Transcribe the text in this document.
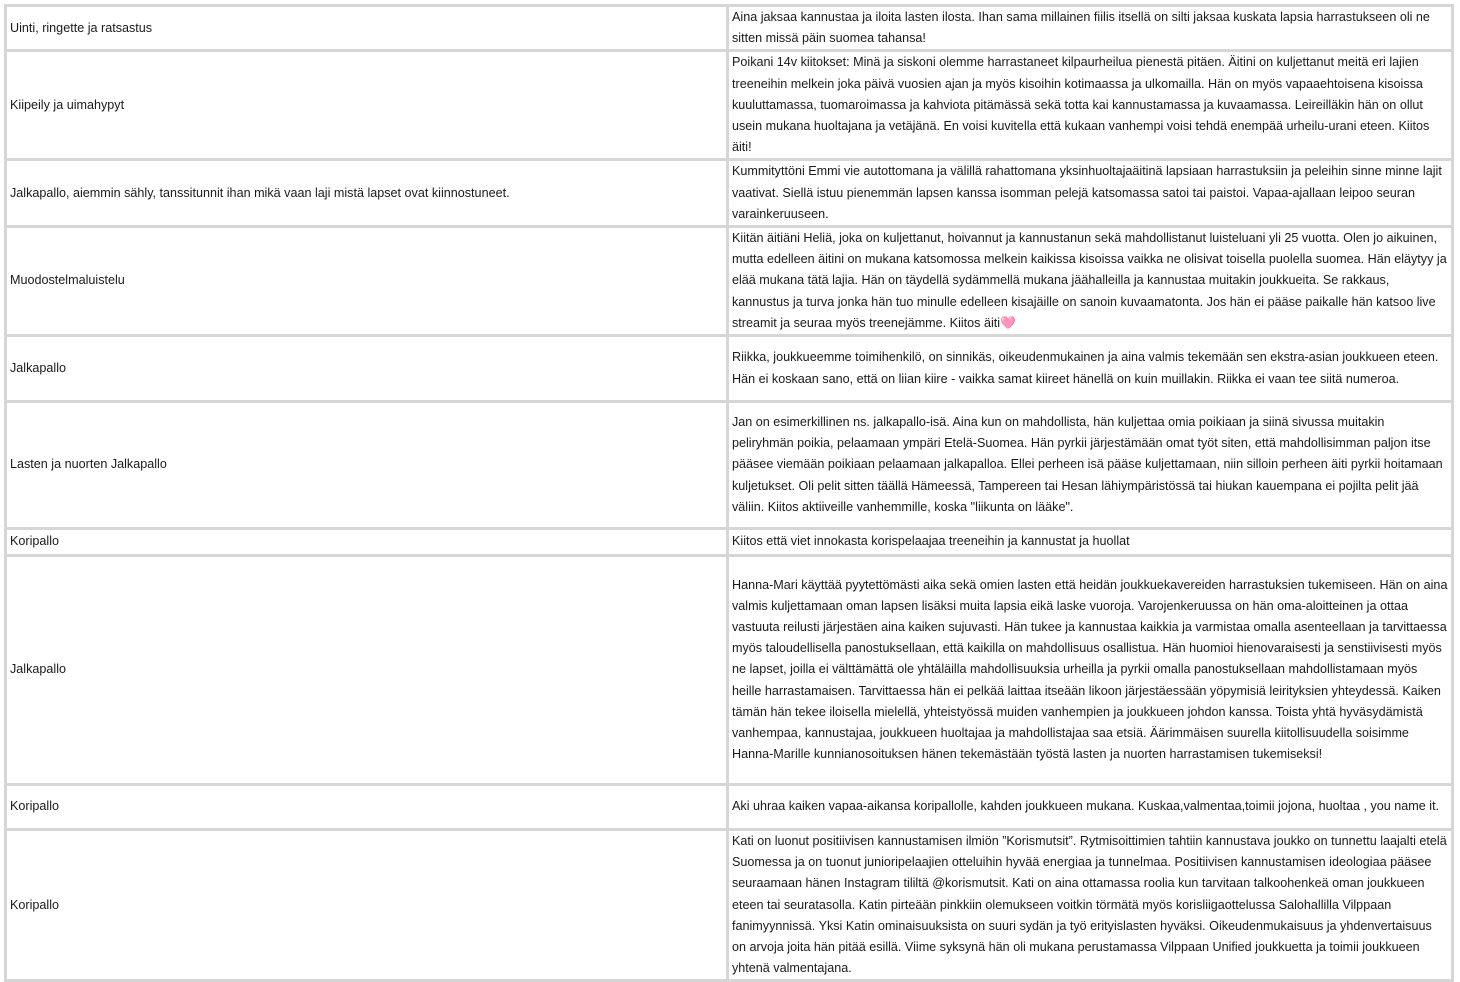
Uinti, ringette ja ratsastus	Aina jaksaa kannustaa ja iloita lasten ilosta. Ihan sama millainen fiilis itsellä on silti jaksaa kuskata lapsia harrastukseen oli ne sitten missä päin suomea tahansa!
Kiipeily ja uimahypyt	Poikani 14v kiitokset: Minä ja siskoni olemme harrastaneet kilpaurheilua pienestä pitäen. Äitini on kuljettanut meitä eri lajien treeneihin melkein joka päivä vuosien ajan ja myös kisoihin kotimaassa ja ulkomailla. Hän on myös vapaaehtoisena kisoissa kuuluttamassa, tuomaroimassa ja kahviota pitämässä sekä totta kai kannustamassa ja kuvaamassa. Leireilläkin hän on ollut usein mukana huoltajana ja vetäjänä. En voisi kuvitella että kukaan vanhempi voisi tehdä enempää urheilu-urani eteen. Kiitos äiti!
Jalkapallo, aiemmin sähly, tanssitunnit ihan mikä vaan laji mistä lapset ovat kiinnostuneet.	Kummityttöni Emmi vie autottomana ja välillä rahattomana yksinhuoltajaäitinä lapsiaan harrastuksiin ja peleihin sinne minne lajit vaativat. Siellä istuu pienemmän lapsen kanssa isomman pelejä katsomassa satoi tai paistoi. Vapaa-ajallaan leipoo seuran varainkeruuseen.
Muodostelmaluistelu	Kiitän äitiäni Heliä, joka on kuljettanut, hoivannut ja kannustanun sekä mahdollistanut luisteluani yli 25 vuotta. Olen jo aikuinen, mutta edelleen äitini on mukana katsomossa melkein kaikissa kisoissa vaikka ne olisivat toisella puolella suomea. Hän eläytyy ja elää mukana tätä lajia. Hän on täydellä sydämmellä mukana jäähalleilla ja kannustaa muitakin joukkueita. Se rakkaus, kannustus ja turva jonka hän tuo minulle edelleen kisajäille on sanoin kuvaamatonta. Jos hän ei pääse paikalle hän katsoo live streamit ja seuraa myös treenejämme. Kiitos äiti🩷
Jalkapallo	Riikka, joukkueemme toimihenkilö, on sinnikäs, oikeudenmukainen ja aina valmis tekemään sen ekstra-asian joukkueen eteen. Hän ei koskaan sano, että on liian kiire - vaikka samat kiireet hänellä on kuin muillakin. Riikka ei vaan tee siitä numeroa.
Lasten ja nuorten Jalkapallo	Jan on esimerkillinen ns. jalkapallo-isä. Aina kun on mahdollista, hän kuljettaa omia poikiaan ja siinä sivussa muitakin peliryhmän poikia, pelaamaan ympäri Etelä-Suomea. Hän pyrkii järjestämään omat työt siten, että mahdollisimman paljon itse pääsee viemään poikiaan pelaamaan jalkapalloa. Ellei perheen isä pääse kuljettamaan, niin silloin perheen äiti pyrkii hoitamaan kuljetukset. Oli pelit sitten täällä Hämeessä, Tampereen tai Hesan lähiympäristössä tai hiukan kauempana ei pojilta pelit jää väliin. Kiitos aktiiveille vanhemmille, koska "liikunta on lääke".
Koripallo	Kiitos että viet innokasta korispelaajaa treeneihin ja kannustat ja huollat
Jalkapallo	Hanna-Mari käyttää pyytettömästi aika sekä omien lasten että heidän joukkuekavereiden harrastuksien tukemiseen. Hän on aina valmis kuljettamaan oman lapsen lisäksi muita lapsia eikä laske vuoroja. Varojenkeruussa on hän oma-aloitteinen ja ottaa vastuuta reilusti järjestäen aina kaiken sujuvasti. Hän tukee ja kannustaa kaikkia ja varmistaa omalla asenteellaan ja tarvittaessa myös taloudellisella panostuksellaan, että kaikilla on mahdollisuus osallistua. Hän huomioi hienovaraisesti ja senstiivisesti myös ne lapset, joilla ei välttämättä ole yhtäläilla mahdollisuuksia urheilla ja pyrkii omalla panostuksellaan mahdollistamaan myös heille harrastamaisen. Tarvittaessa hän ei pelkää laittaa itseään likoon järjestäessään yöpymisiä leirityksien yhteydessä. Kaiken tämän hän tekee iloisella mielellä, yhteistyössä muiden vanhempien ja joukkueen johdon kanssa. Toista yhtä hyväsydämistä vanhempaa, kannustajaa, joukkueen huoltajaa ja mahdollistajaa saa etsiä. Äärimmäisen suurella kiitollisuudella soisimme Hanna-Marille kunnianosoituksen hänen tekemästään työstä lasten ja nuorten harrastamisen tukemiseksi!
Koripallo	Aki uhraa kaiken vapaa-aikansa koripallolle, kahden joukkueen mukana. Kuskaa,valmentaa,toimii jojona, huoltaa , you name it.
Koripallo	Kati on luonut positiivisen kannustamisen ilmiön ”Korismutsit”. Rytmisoittimien tahtiin kannustava joukko on tunnettu laajalti etelä Suomessa ja on tuonut junioripelaajien otteluihin hyvää energiaa ja tunnelmaa. Positiivisen kannustamisen ideologiaa pääsee seuraamaan hänen Instagram tililtä @korismutsit. Kati on aina ottamassa roolia kun tarvitaan talkoohenkeä oman joukkueen eteen tai seuratasolla. Katin pirteään pinkkiin olemukseen voitkin törmätä myös korisliigaottelussa Salohallilla Vilppaan fanimyynnissä. Yksi Katin ominaisuuksista on suuri sydän ja työ erityislasten hyväksi. Oikeudenmukaisuus ja yhdenvertaisuus on arvoja joita hän pitää esillä. Viime syksynä hän oli mukana perustamassa Vilppaan Unified joukkuetta ja toimii joukkueen yhtenä valmentajana.
